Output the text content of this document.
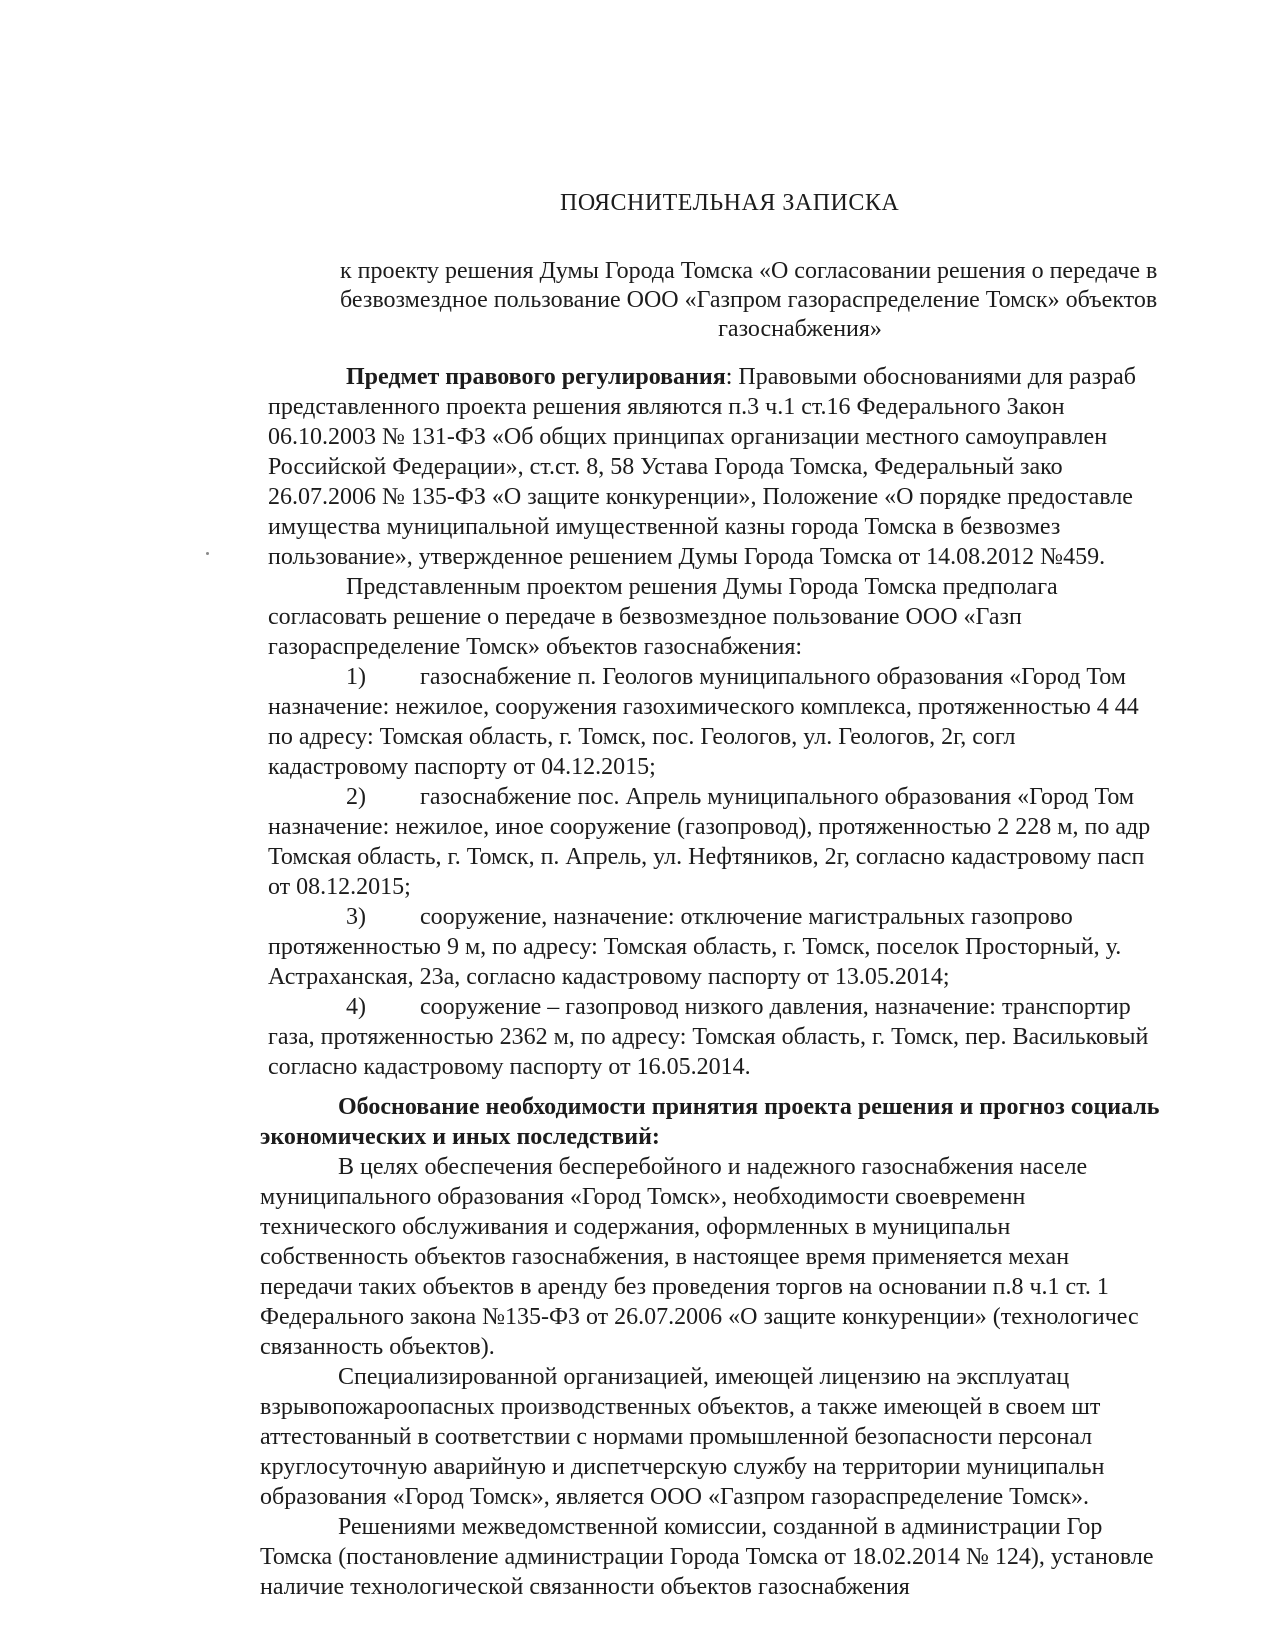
ПОЯСНИТЕЛЬНАЯ ЗАПИСКА
к проекту решения Думы Города Томска «О согласовании решения о передаче в
безвозмездное пользование ООО «Газпром газораспределение Томск» объектов
газоснабжения»
Предмет правового регулирования: Правовыми обоснованиями для разраб
представленного проекта решения являются п.3 ч.1 ст.16 Федерального Закон
06.10.2003 № 131-ФЗ «Об общих принципах организации местного самоуправлен
Российской Федерации», ст.ст. 8, 58 Устава Города Томска, Федеральный зако
26.07.2006 № 135-ФЗ «О защите конкуренции», Положение «О порядке предоставле
имущества муниципальной имущественной казны города Томска в безвозмез
пользование», утвержденное решением Думы Города Томска от 14.08.2012 №459.
Представленным проектом решения Думы Города Томска предполага
согласовать решение о передаче в безвозмездное пользование ООО «Газп
газораспределение Томск» объектов газоснабжения:
1) газоснабжение п. Геологов муниципального образования «Город Том
назначение: нежилое, сооружения газохимического комплекса, протяженностью 4 44
по адресу: Томская область, г. Томск, пос. Геологов, ул. Геологов, 2г, согл
кадастровому паспорту от 04.12.2015;
2) газоснабжение пос. Апрель муниципального образования «Город Том
назначение: нежилое, иное сооружение (газопровод), протяженностью 2 228 м, по адр
Томская область, г. Томск, п. Апрель, ул. Нефтяников, 2г, согласно кадастровому пасп
от 08.12.2015;
3) сооружение, назначение: отключение магистральных газопрово
протяженностью 9 м, по адресу: Томская область, г. Томск, поселок Просторный, у.
Астраханская, 23а, согласно кадастровому паспорту от 13.05.2014;
4) сооружение – газопровод низкого давления, назначение: транспортир
газа, протяженностью 2362 м, по адресу: Томская область, г. Томск, пер. Васильковый
согласно кадастровому паспорту от 16.05.2014.
Обоснование необходимости принятия проекта решения и прогноз социаль
экономических и иных последствий:
В целях обеспечения бесперебойного и надежного газоснабжения населе
муниципального образования «Город Томск», необходимости своевременн
технического обслуживания и содержания, оформленных в муниципальн
собственность объектов газоснабжения, в настоящее время применяется механ
передачи таких объектов в аренду без проведения торгов на основании п.8 ч.1 ст. 1
Федерального закона №135-ФЗ от 26.07.2006 «О защите конкуренции» (технологичес
связанность объектов).
Специализированной организацией, имеющей лицензию на эксплуатац
взрывопожароопасных производственных объектов, а также имеющей в своем шт
аттестованный в соответствии с нормами промышленной безопасности персонал
круглосуточную аварийную и диспетчерскую службу на территории муниципальн
образования «Город Томск», является ООО «Газпром газораспределение Томск».
Решениями межведомственной комиссии, созданной в администрации Гор
Томска (постановление администрации Города Томска от 18.02.2014 № 124), установле
наличие технологической связанности объектов газоснабжения
